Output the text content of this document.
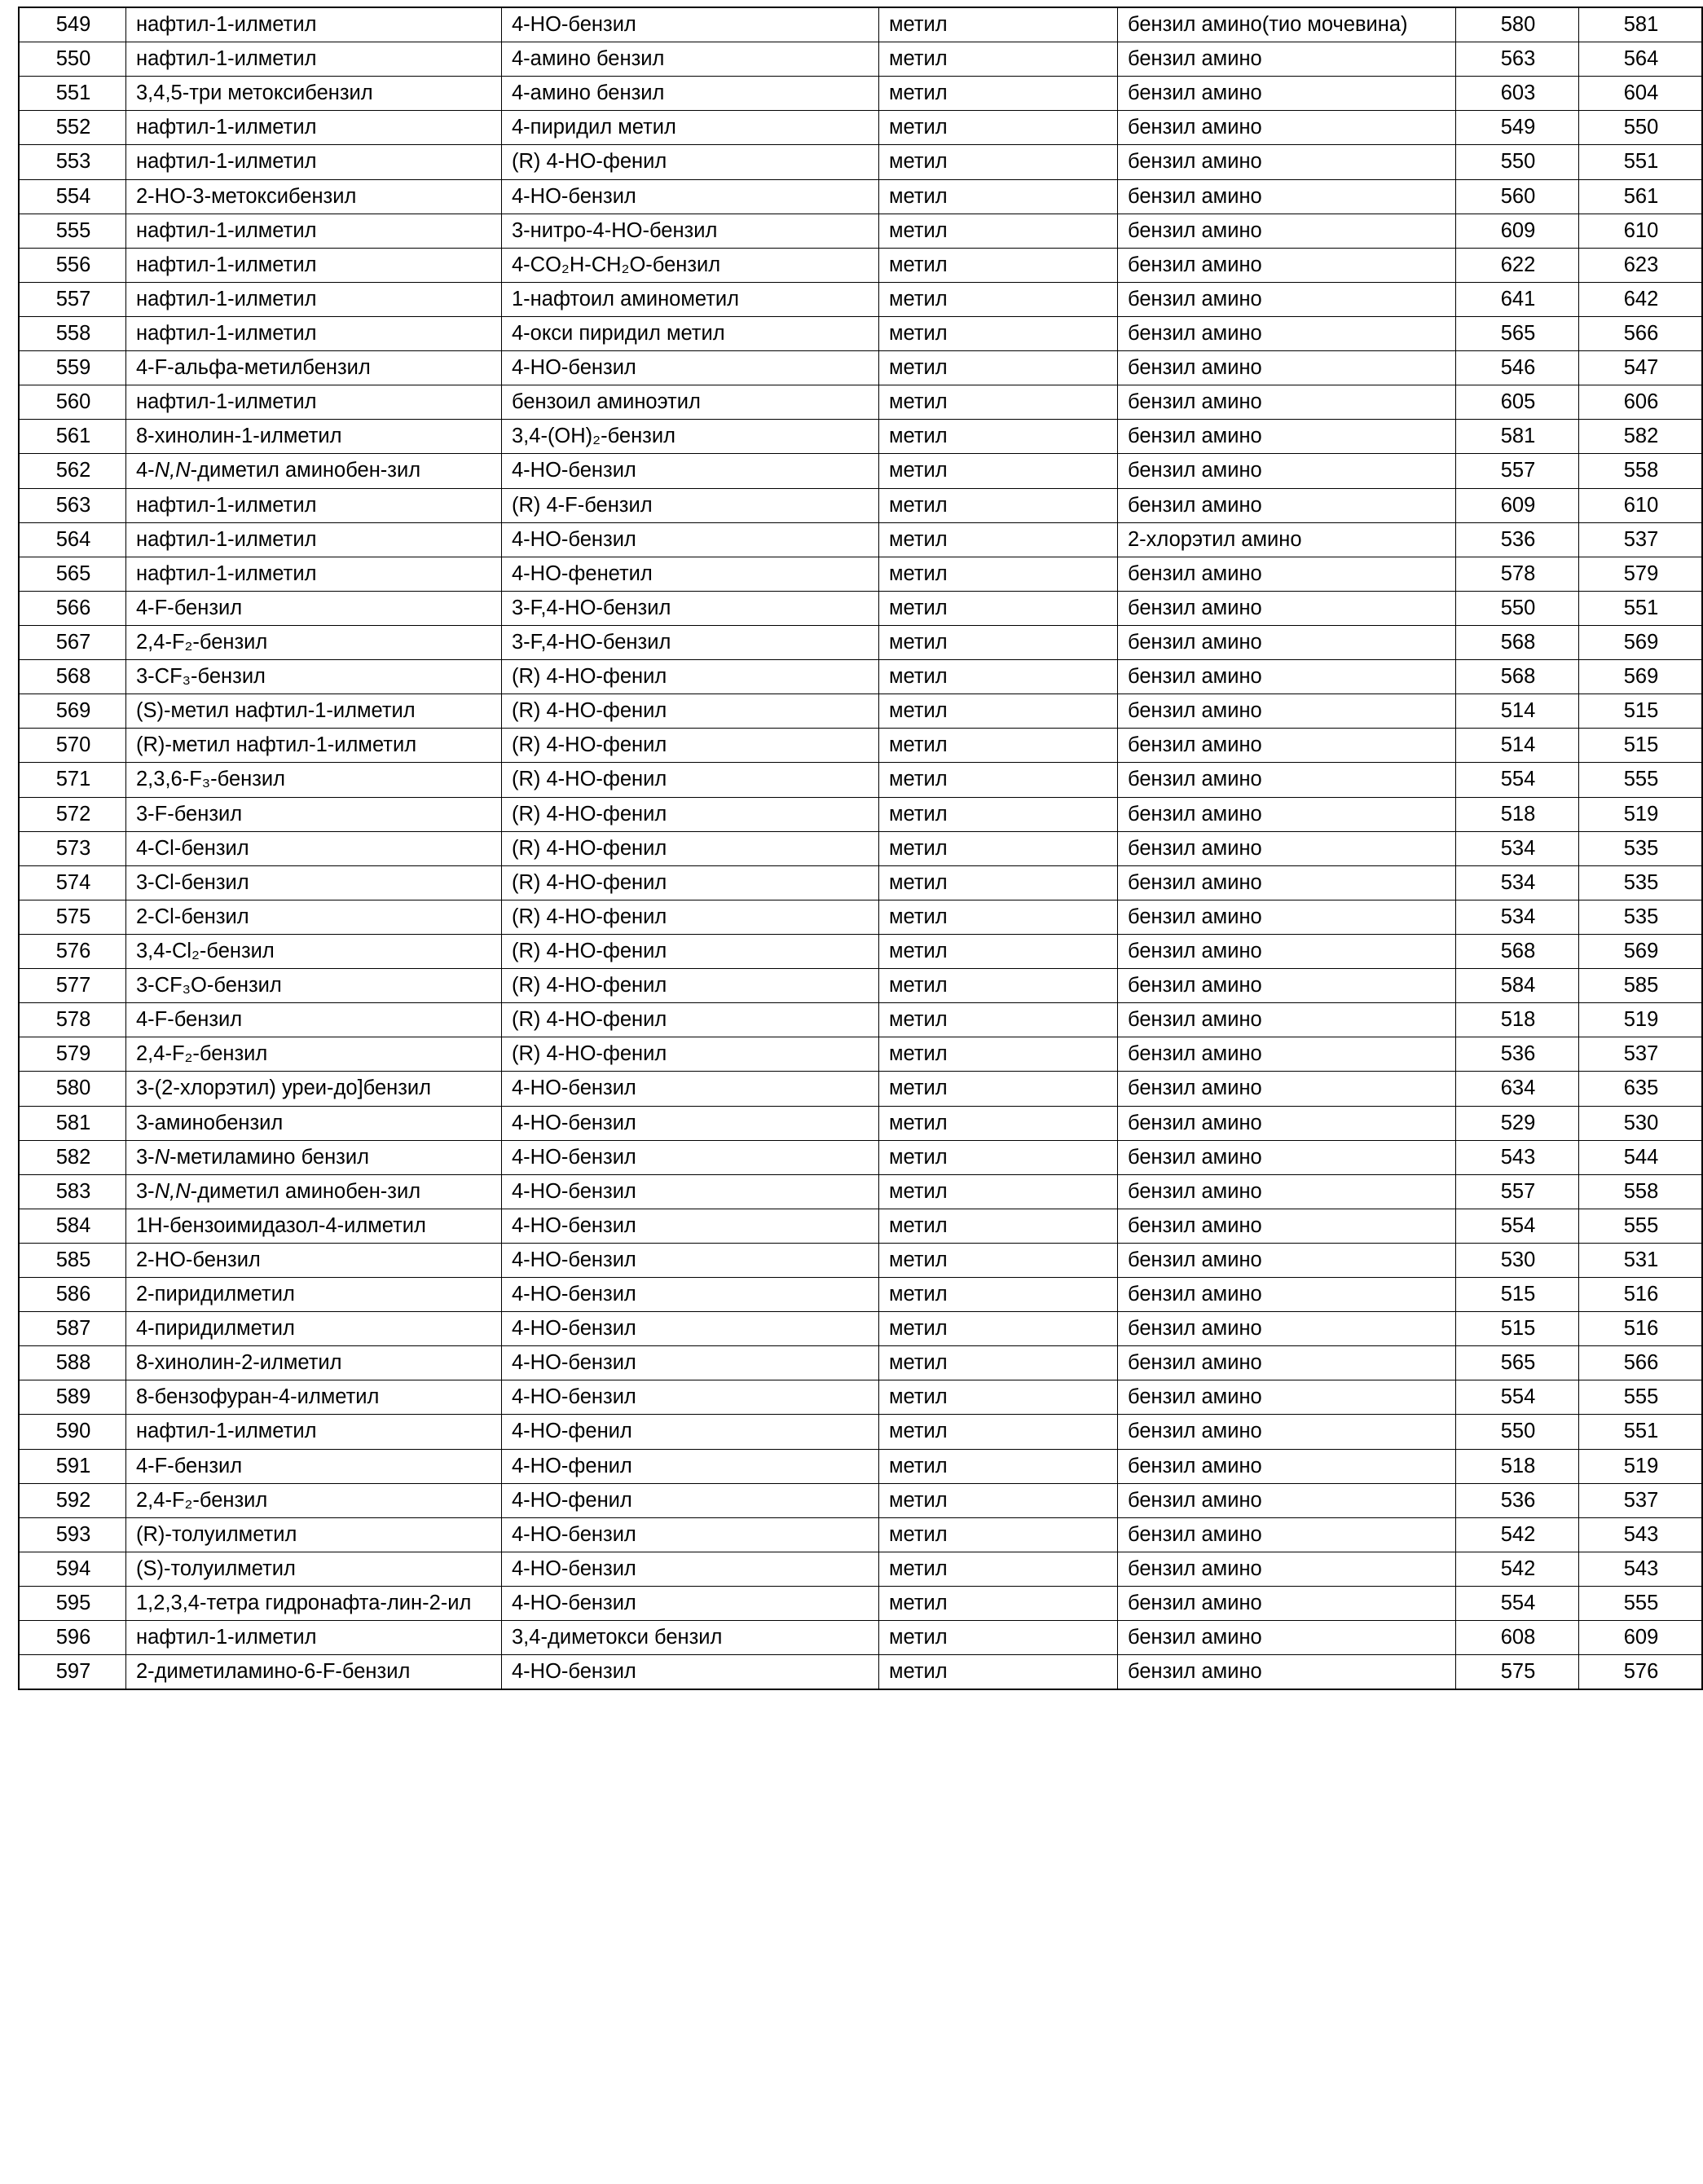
549	нафтил-1-илметил	4-HO-бензил	метил	бензил амино(тио мочевина)	580	581
550	нафтил-1-илметил	4-амино бензил	метил	бензил амино	563	564
551	3,4,5-три метоксибензил	4-амино бензил	метил	бензил амино	603	604
552	нафтил-1-илметил	4-пиридил метил	метил	бензил амино	549	550
553	нафтил-1-илметил	(R) 4-HO-фенил	метил	бензил амино	550	551
554	2-HO-3-метоксибензил	4-HO-бензил	метил	бензил амино	560	561
555	нафтил-1-илметил	3-нитро-4-HO-бензил	метил	бензил амино	609	610
556	нафтил-1-илметил	4-CO₂H-CH₂O-бензил	метил	бензил амино	622	623
557	нафтил-1-илметил	1-нафтоил аминометил	метил	бензил амино	641	642
558	нафтил-1-илметил	4-окси пиридил метил	метил	бензил амино	565	566
559	4-F-альфа-метилбензил	4-HO-бензил	метил	бензил амино	546	547
560	нафтил-1-илметил	бензоил аминоэтил	метил	бензил амино	605	606
561	8-хинолин-1-илметил	3,4-(OH)₂-бензил	метил	бензил амино	581	582
562	4-N,N-диметил аминобен-зил	4-HO-бензил	метил	бензил амино	557	558
563	нафтил-1-илметил	(R) 4-F-бензил	метил	бензил амино	609	610
564	нафтил-1-илметил	4-HO-бензил	метил	2-хлорэтил амино	536	537
565	нафтил-1-илметил	4-HO-фенетил	метил	бензил амино	578	579
566	4-F-бензил	3-F,4-HO-бензил	метил	бензил амино	550	551
567	2,4-F₂-бензил	3-F,4-HO-бензил	метил	бензил амино	568	569
568	3-CF₃-бензил	(R) 4-HO-фенил	метил	бензил амино	568	569
569	(S)-метил нафтил-1-илметил	(R) 4-HO-фенил	метил	бензил амино	514	515
570	(R)-метил нафтил-1-илметил	(R) 4-HO-фенил	метил	бензил амино	514	515
571	2,3,6-F₃-бензил	(R) 4-HO-фенил	метил	бензил амино	554	555
572	3-F-бензил	(R) 4-HO-фенил	метил	бензил амино	518	519
573	4-Cl-бензил	(R) 4-HO-фенил	метил	бензил амино	534	535
574	3-Cl-бензил	(R) 4-HO-фенил	метил	бензил амино	534	535
575	2-Cl-бензил	(R) 4-HO-фенил	метил	бензил амино	534	535
576	3,4-Cl₂-бензил	(R) 4-HO-фенил	метил	бензил амино	568	569
577	3-CF₃O-бензил	(R) 4-HO-фенил	метил	бензил амино	584	585
578	4-F-бензил	(R) 4-HO-фенил	метил	бензил амино	518	519
579	2,4-F₂-бензил	(R) 4-HO-фенил	метил	бензил амино	536	537
580	3-(2-хлорэтил) уреи-до]бензил	4-HO-бензил	метил	бензил амино	634	635
581	3-аминобензил	4-HO-бензил	метил	бензил амино	529	530
582	3-N-метиламино бензил	4-HO-бензил	метил	бензил амино	543	544
583	3-N,N-диметил аминобен-зил	4-HO-бензил	метил	бензил амино	557	558
584	1H-бензоимидазол-4-илметил	4-HO-бензил	метил	бензил амино	554	555
585	2-HO-бензил	4-HO-бензил	метил	бензил амино	530	531
586	2-пиридилметил	4-HO-бензил	метил	бензил амино	515	516
587	4-пиридилметил	4-HO-бензил	метил	бензил амино	515	516
588	8-хинолин-2-илметил	4-HO-бензил	метил	бензил амино	565	566
589	8-бензофуран-4-илметил	4-HO-бензил	метил	бензил амино	554	555
590	нафтил-1-илметил	4-HO-фенил	метил	бензил амино	550	551
591	4-F-бензил	4-HO-фенил	метил	бензил амино	518	519
592	2,4-F₂-бензил	4-HO-фенил	метил	бензил амино	536	537
593	(R)-толуилметил	4-HO-бензил	метил	бензил амино	542	543
594	(S)-толуилметил	4-HO-бензил	метил	бензил амино	542	543
595	1,2,3,4-тетра гидронафта-лин-2-ил	4-HO-бензил	метил	бензил амино	554	555
596	нафтил-1-илметил	3,4-диметокси бензил	метил	бензил амино	608	609
597	2-диметиламино-6-F-бензил	4-HO-бензил	метил	бензил амино	575	576
